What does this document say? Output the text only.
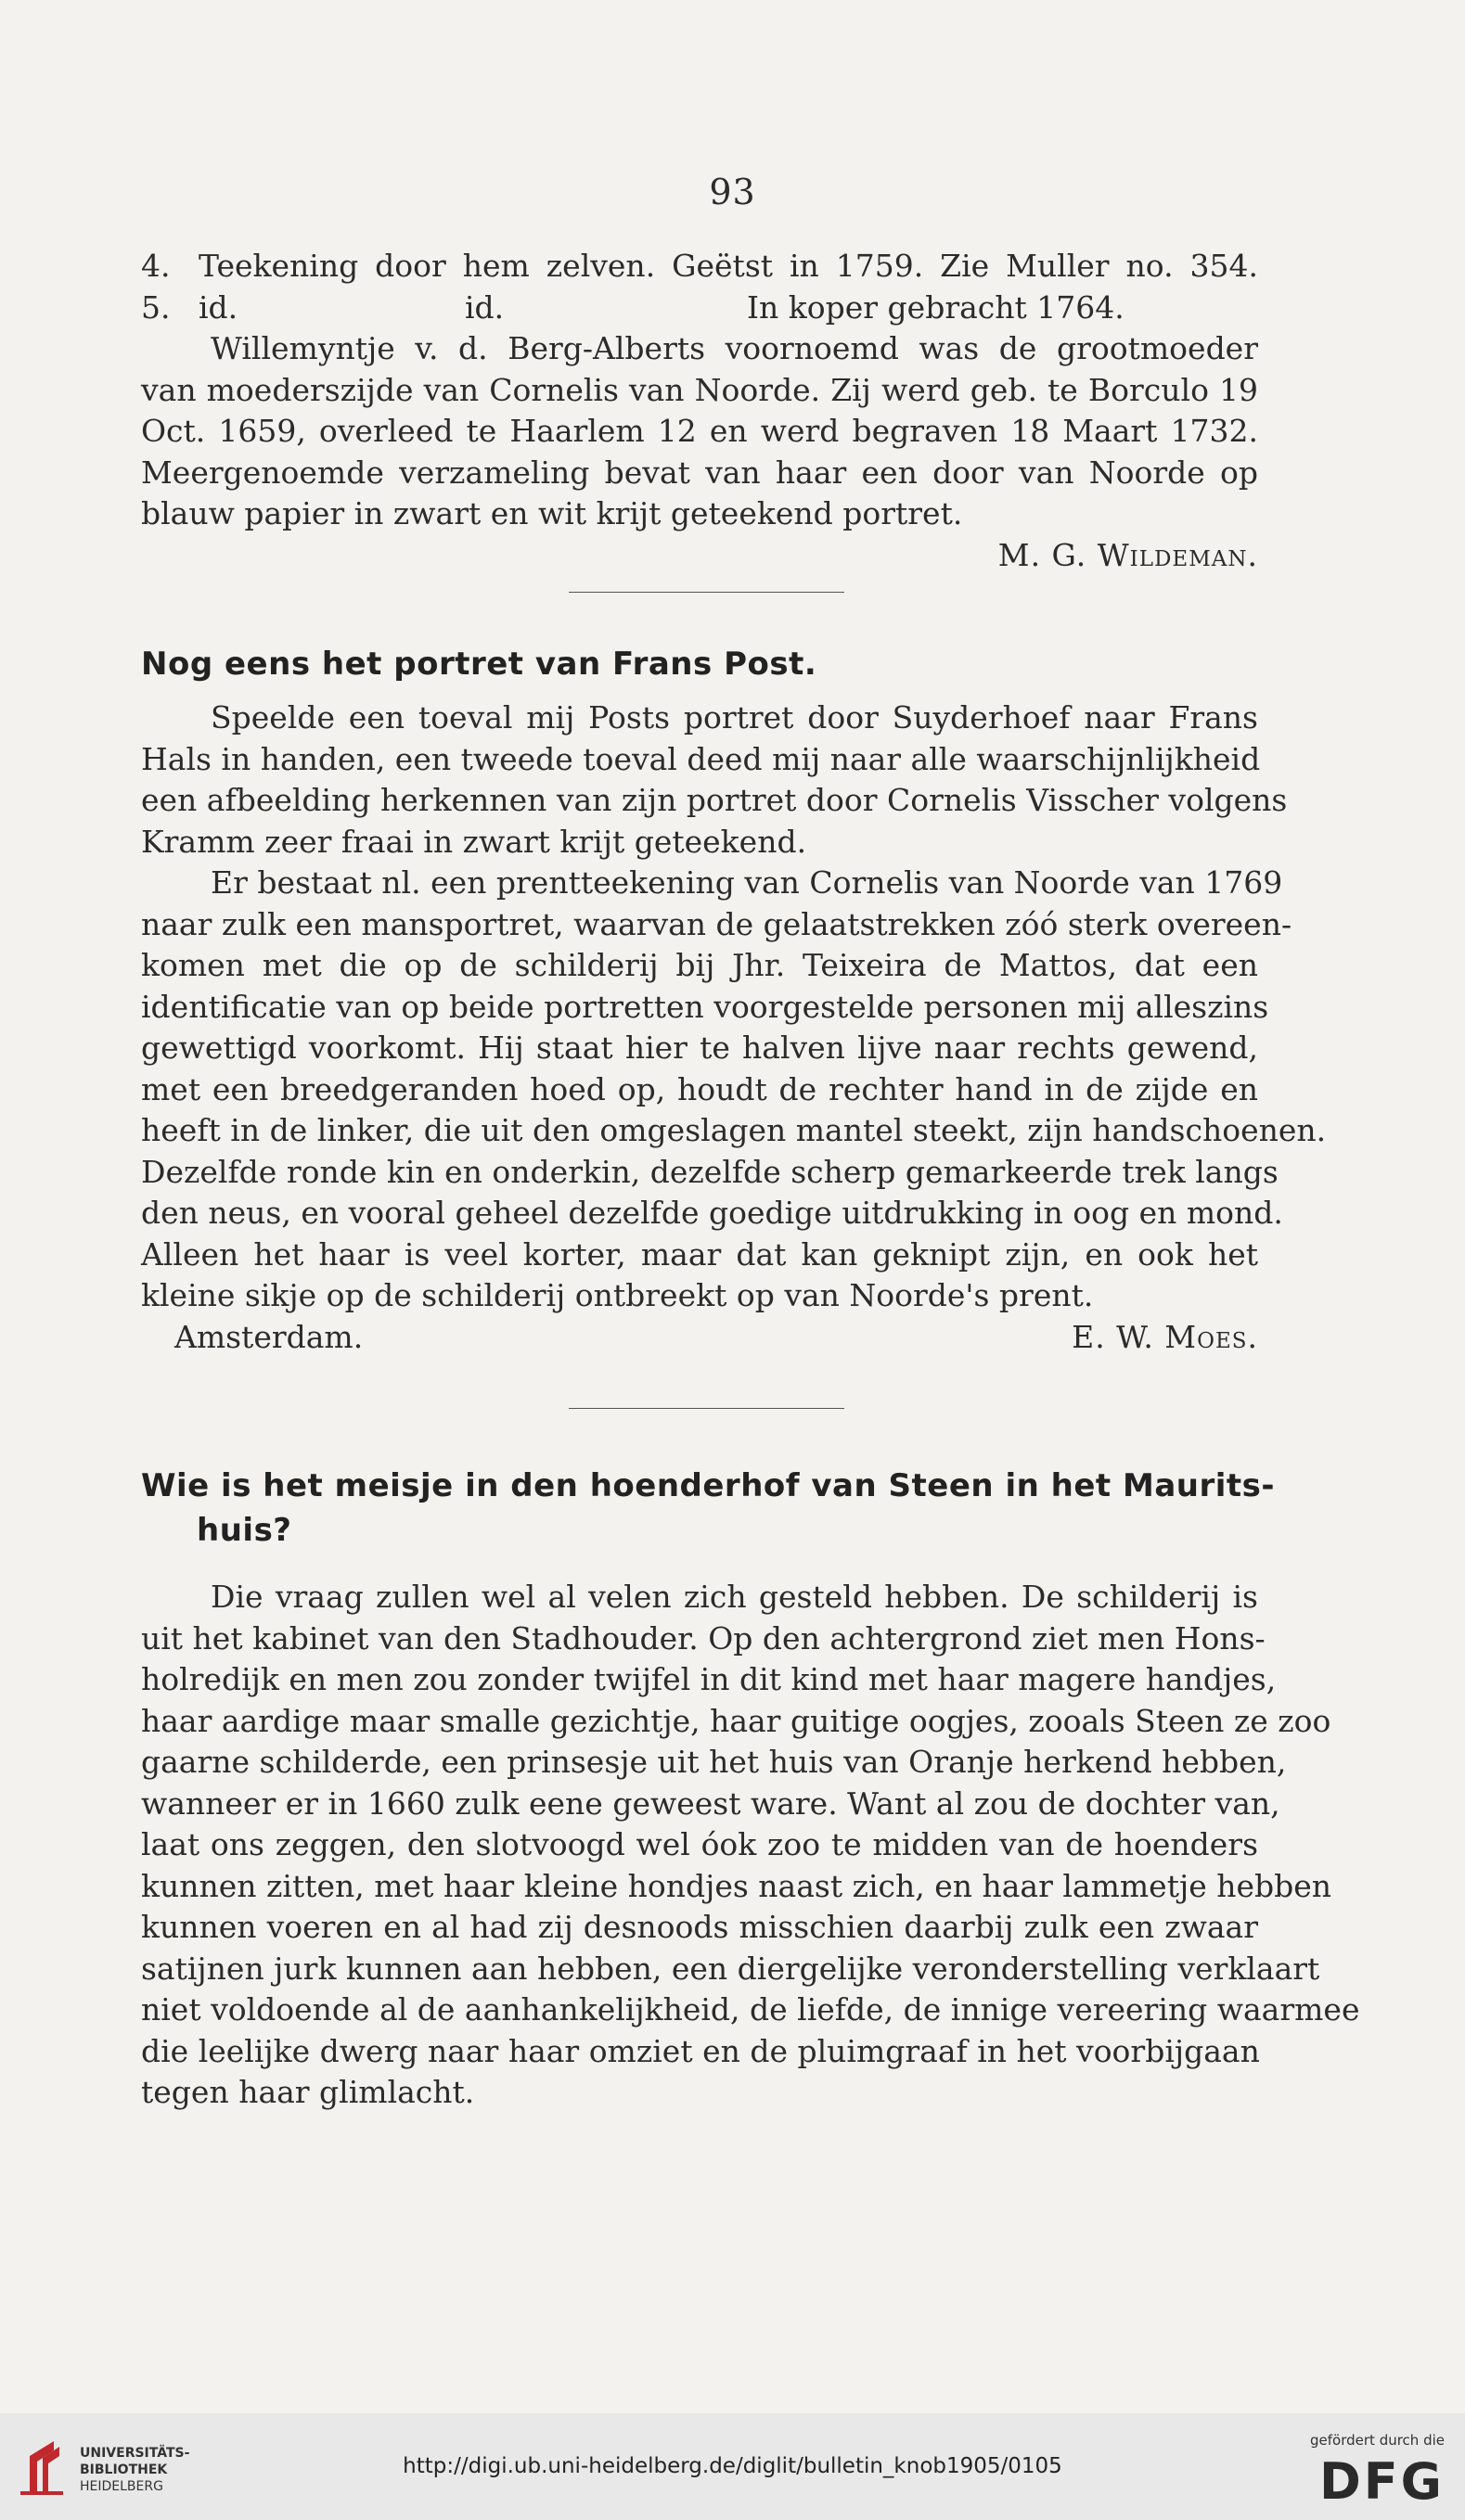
93
4. Teekening door hem zelven. Geëtst in 1759. Zie Muller no. 354.
5. id.	id.	In koper gebracht 1764.
Willemyntje v. d. Berg-Alberts voornoemd was de grootmoeder
van moederszijde van Cornelis van Noorde. Zij werd geb. te Borculo 19
Oct. 1659, overleed te Haarlem 12 en werd begraven 18 Maart 1732.
Meergenoemde verzameling bevat van haar een door van Noorde op
blauw papier in zwart en wit krijt geteekend portret.
M. G. Wildeman.
Nog eens het portret van Frans Post.
Speelde een toeval mij Posts portret door Suyderhoef naar Frans
Hals in handen, een tweede toeval deed mij naar alle waarschijnlijkheid
een afbeelding herkennen van zijn portret door Cornelis Visscher volgens
Kramm zeer fraai in zwart krijt geteekend.
Er bestaat nl. een prentteekening van Cornelis van Noorde van 1769
naar zulk een mansportret, waarvan de gelaatstrekken zóó sterk overeen-
komen met die op de schilderij bij Jhr. Teixeira de Mattos, dat een
identificatie van op beide portretten voorgestelde personen mij alleszins
gewettigd voorkomt. Hij staat hier te halven lijve naar rechts gewend,
met een breedgeranden hoed op, houdt de rechter hand in de zijde en
heeft in de linker, die uit den omgeslagen mantel steekt, zijn handschoenen.
Dezelfde ronde kin en onderkin, dezelfde scherp gemarkeerde trek langs
den neus, en vooral geheel dezelfde goedige uitdrukking in oog en mond.
Alleen het haar is veel korter, maar dat kan geknipt zijn, en ook het
kleine sikje op de schilderij ontbreekt op van Noorde's prent.
Amsterdam.	E. W. Moes.
Wie is het meisje in den hoenderhof van Steen in het Maurits-
huis?
Die vraag zullen wel al velen zich gesteld hebben. De schilderij is
uit het kabinet van den Stadhouder. Op den achtergrond ziet men Hons-
holredijk en men zou zonder twijfel in dit kind met haar magere handjes,
haar aardige maar smalle gezichtje, haar guitige oogjes, zooals Steen ze zoo
gaarne schilderde, een prinsesje uit het huis van Oranje herkend hebben,
wanneer er in 1660 zulk eene geweest ware. Want al zou de dochter van,
laat ons zeggen, den slotvoogd wel óok zoo te midden van de hoenders
kunnen zitten, met haar kleine hondjes naast zich, en haar lammetje hebben
kunnen voeren en al had zij desnoods misschien daarbij zulk een zwaar
satijnen jurk kunnen aan hebben, een diergelijke veronderstelling verklaart
niet voldoende al de aanhankelijkheid, de liefde, de innige vereering waarmee
die leelijke dwerg naar haar omziet en de pluimgraaf in het voorbijgaan
tegen haar glimlacht.
UNIVERSITÄTS-
BIBLIOTHEK
HEIDELBERG
http://digi.ub.uni-heidelberg.de/diglit/bulletin_knob1905/0105
gefördert durch die
DFG
